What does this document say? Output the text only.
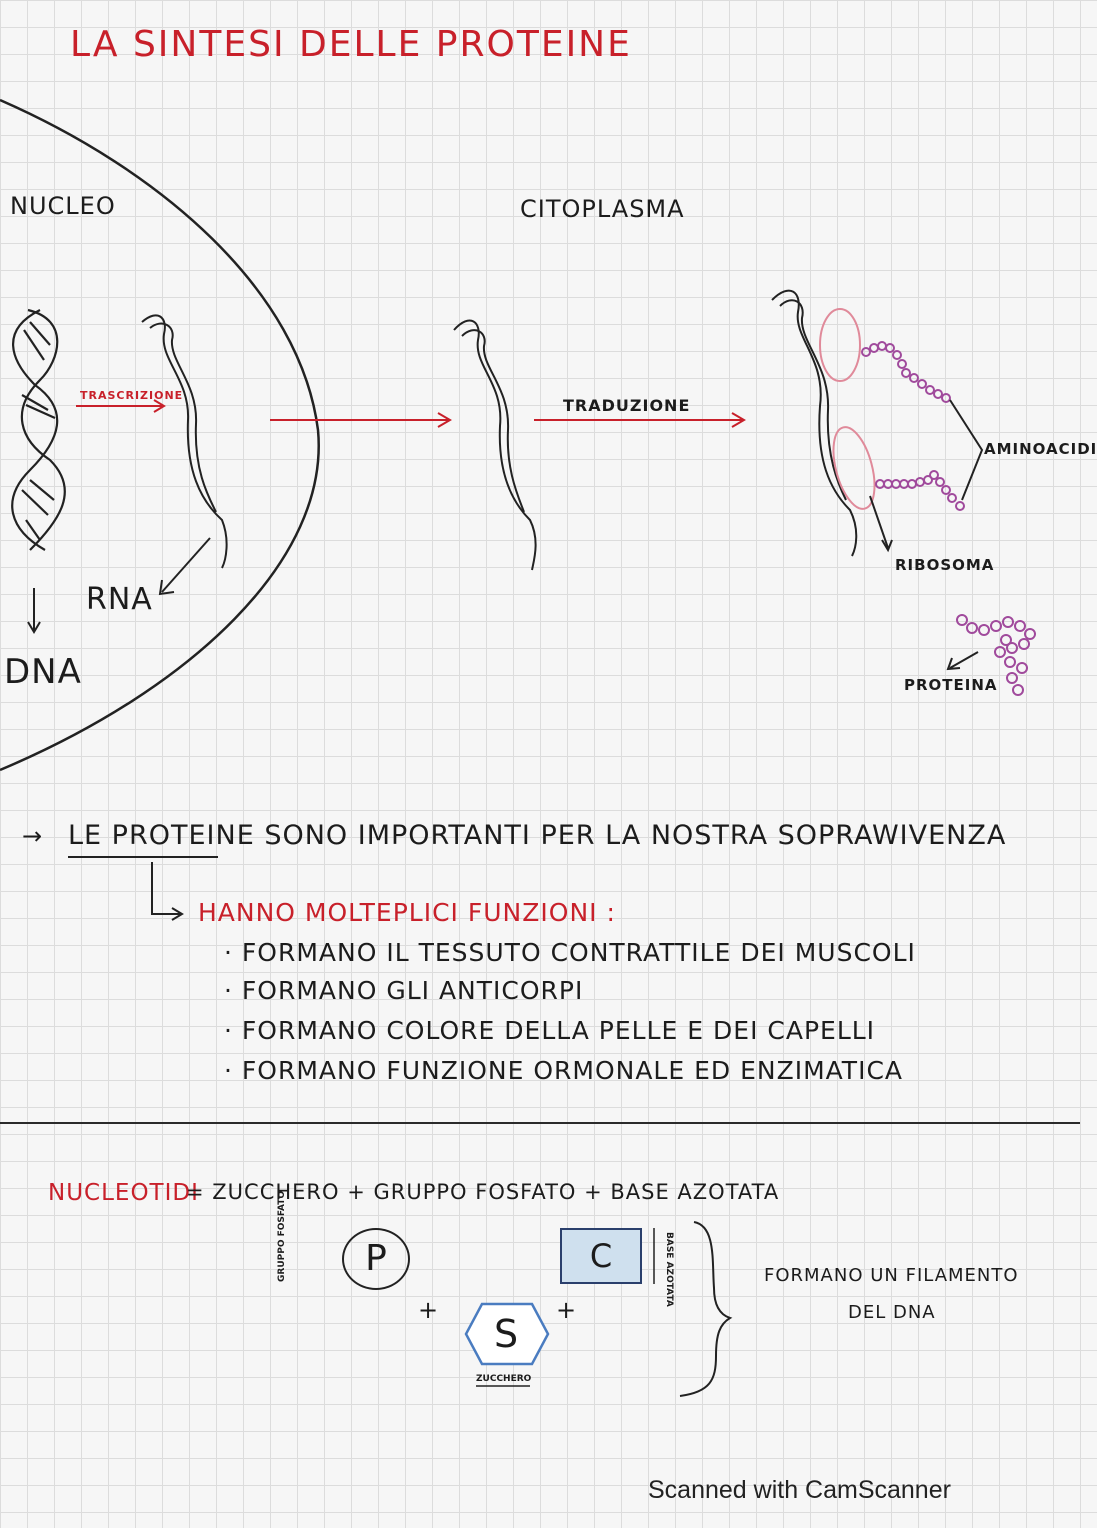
LA SINTESI DELLE PROTEINE
NUCLEO	CITOPLASMA
TRASCRIZIONE
TRADUZIONE
RNA
DNA
AMINOACIDI
RIBOSOMA
PROTEINA
→ LE PROTEINE SONO IMPORTANTI PER LA NOSTRA SOPRAWIVENZA
HANNO MOLTEPLICI FUNZIONI :
· FORMANO IL TESSUTO CONTRATTILE DEI MUSCOLI
· FORMANO GLI ANTICORPI
· FORMANO COLORE DELLA PELLE E DEI CAPELLI
· FORMANO FUNZIONE ORMONALE ED ENZIMATICA
NUCLEOTIDI
= ZUCCHERO + GRUPPO FOSFATO + BASE AZOTATA
GRUPPO FOSFATO	P	C	BASE AZOTATA
+	+
S
ZUCCHERO
FORMANO UN FILAMENTO
DEL DNA
Scanned with CamScanner
